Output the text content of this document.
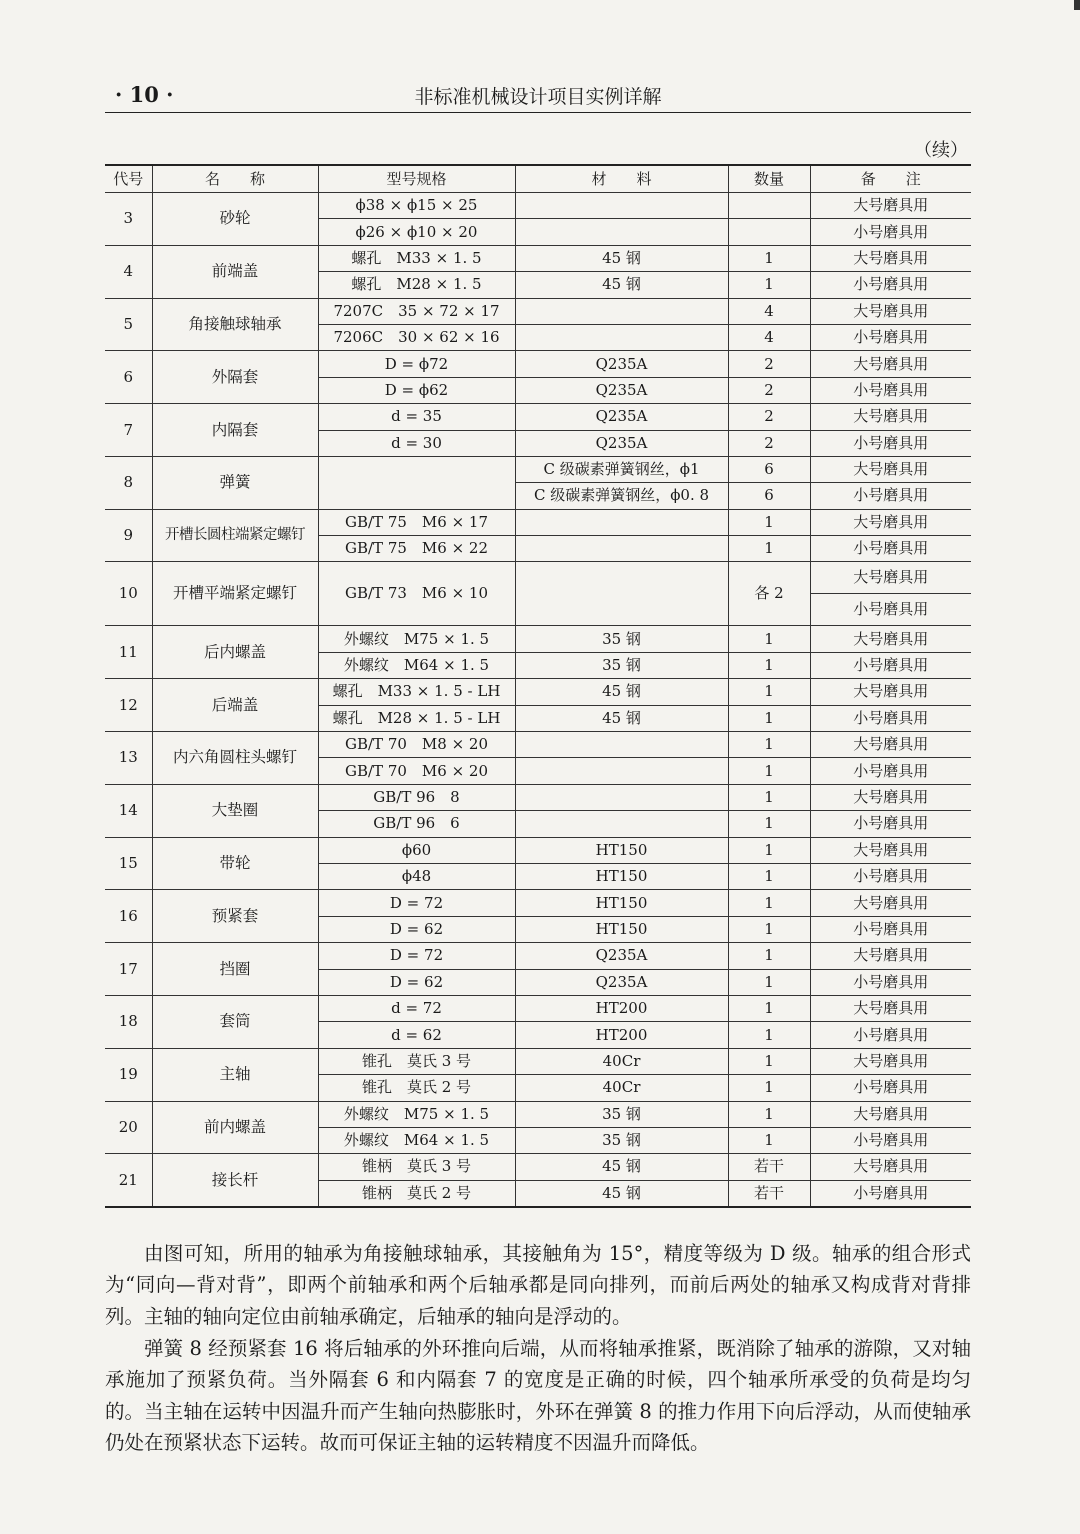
· 10 ·	非标准机械设计项目实例详解
（续）
代号	名　　称	型号规格	材　　料	数量	备　　注
3	砂轮	ϕ38 × ϕ15 × 25			大号磨具用
		ϕ26 × ϕ10 × 20			小号磨具用
4	前端盖	螺孔　M33 × 1. 5	45 钢	1	大号磨具用
		螺孔　M28 × 1. 5	45 钢	1	小号磨具用
5	角接触球轴承	7207C　35 × 72 × 17		4	大号磨具用
		7206C　30 × 62 × 16		4	小号磨具用
6	外隔套	D = ϕ72	Q235A	2	大号磨具用
		D = ϕ62	Q235A	2	小号磨具用
7	内隔套	d = 35	Q235A	2	大号磨具用
		d = 30	Q235A	2	小号磨具用
8	弹簧		C 级碳素弹簧钢丝，ϕ1	6	大号磨具用
			C 级碳素弹簧钢丝，ϕ0. 8	6	小号磨具用
9	开槽长圆柱端紧定螺钉	GB/T 75　M6 × 17		1	大号磨具用
		GB/T 75　M6 × 22		1	小号磨具用
10	开槽平端紧定螺钉	GB/T 73　M6 × 10		各 2	大号磨具用
					小号磨具用
11	后内螺盖	外螺纹　M75 × 1. 5	35 钢	1	大号磨具用
		外螺纹　M64 × 1. 5	35 钢	1	小号磨具用
12	后端盖	螺孔　M33 × 1. 5 - LH	45 钢	1	大号磨具用
		螺孔　M28 × 1. 5 - LH	45 钢	1	小号磨具用
13	内六角圆柱头螺钉	GB/T 70　M8 × 20		1	大号磨具用
		GB/T 70　M6 × 20		1	小号磨具用
14	大垫圈	GB/T 96　8		1	大号磨具用
		GB/T 96　6		1	小号磨具用
15	带轮	ϕ60	HT150	1	大号磨具用
		ϕ48	HT150	1	小号磨具用
16	预紧套	D = 72	HT150	1	大号磨具用
		D = 62	HT150	1	小号磨具用
17	挡圈	D = 72	Q235A	1	大号磨具用
		D = 62	Q235A	1	小号磨具用
18	套筒	d = 72	HT200	1	大号磨具用
		d = 62	HT200	1	小号磨具用
19	主轴	锥孔　莫氏 3 号	40Cr	1	大号磨具用
		锥孔　莫氏 2 号	40Cr	1	小号磨具用
20	前内螺盖	外螺纹　M75 × 1. 5	35 钢	1	大号磨具用
		外螺纹　M64 × 1. 5	35 钢	1	小号磨具用
21	接长杆	锥柄　莫氏 3 号	45 钢	若干	大号磨具用
		锥柄　莫氏 2 号	45 钢	若干	小号磨具用

由图可知，所用的轴承为角接触球轴承，其接触角为 15°，精度等级为 D 级。轴承的组合形式为“同向—背对背”，即两个前轴承和两个后轴承都是同向排列，而前后两处的轴承又构成背对背排列。主轴的轴向定位由前轴承确定，后轴承的轴向是浮动的。

弹簧 8 经预紧套 16 将后轴承的外环推向后端，从而将轴承推紧，既消除了轴承的游隙，又对轴承施加了预紧负荷。当外隔套 6 和内隔套 7 的宽度是正确的时候，四个轴承所承受的负荷是均匀的。当主轴在运转中因温升而产生轴向热膨胀时，外环在弹簧 8 的推力作用下向后浮动，从而使轴承仍处在预紧状态下运转。故而可保证主轴的运转精度不因温升而降低。
